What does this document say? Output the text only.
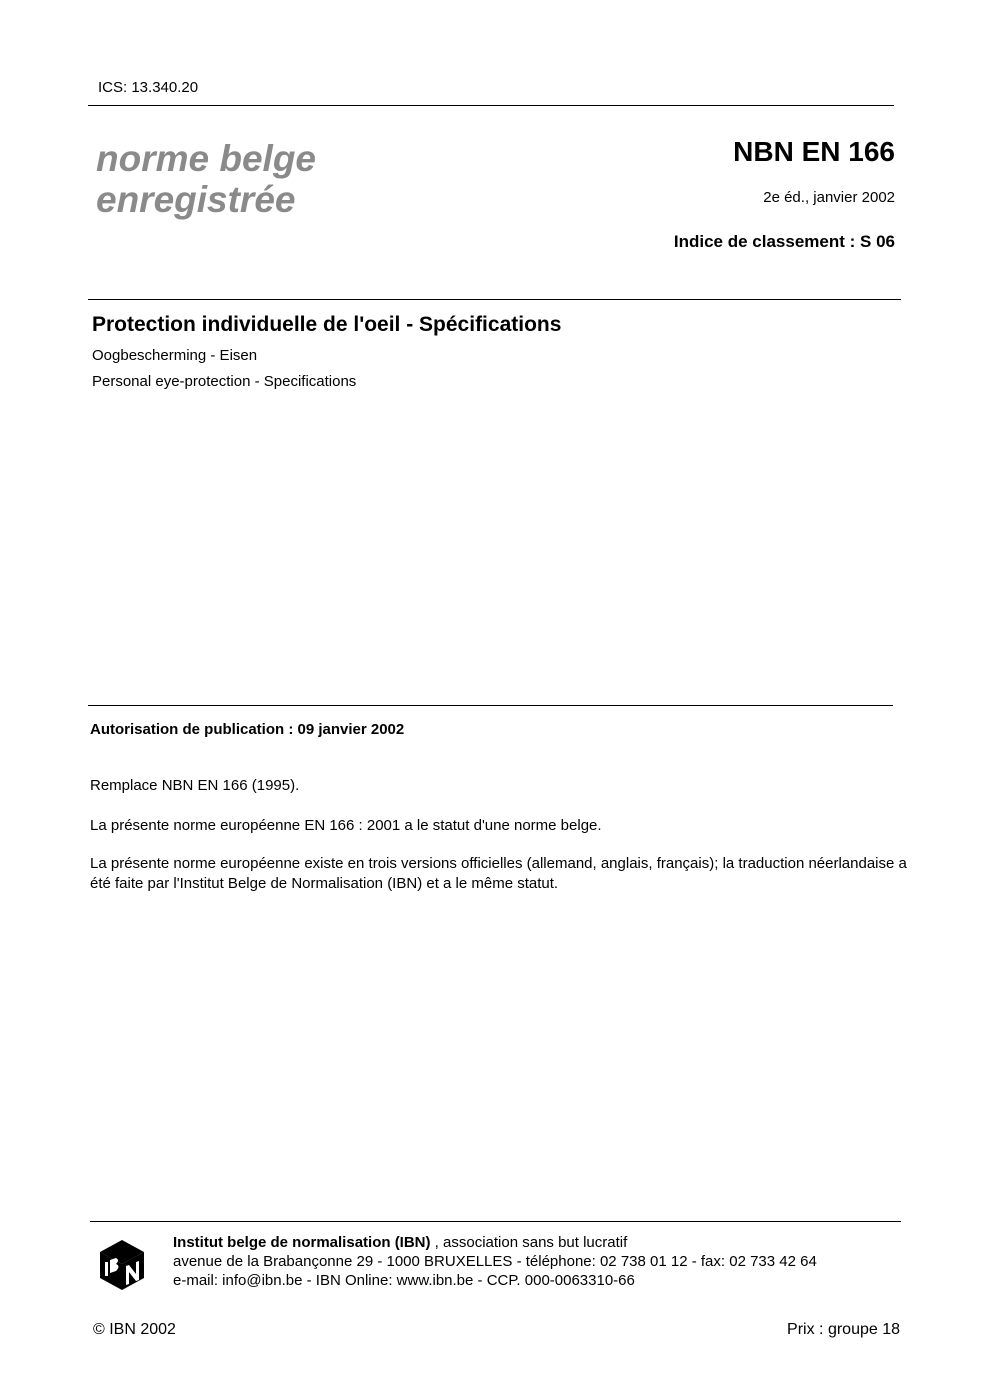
ICS: 13.340.20
norme belge
enregistrée
NBN EN 166
2e éd., janvier 2002
Indice de classement : S 06
Protection individuelle de l'oeil - Spécifications
Oogbescherming - Eisen
Personal eye-protection - Specifications
Autorisation de publication : 09 janvier 2002
Remplace NBN EN 166 (1995).
La présente norme européenne EN 166 : 2001 a le statut d'une norme belge.
La présente norme européenne existe en trois versions officielles (allemand, anglais, français); la traduction néerlandaise a été faite par l'Institut Belge de Normalisation (IBN) et a le même statut.
Institut belge de normalisation (IBN) , association sans but lucratif
avenue de la Brabançonne 29 - 1000 BRUXELLES - téléphone: 02 738 01 12 - fax: 02 733 42 64
e-mail: info@ibn.be - IBN Online: www.ibn.be - CCP. 000-0063310-66
© IBN 2002	Prix : groupe 18
